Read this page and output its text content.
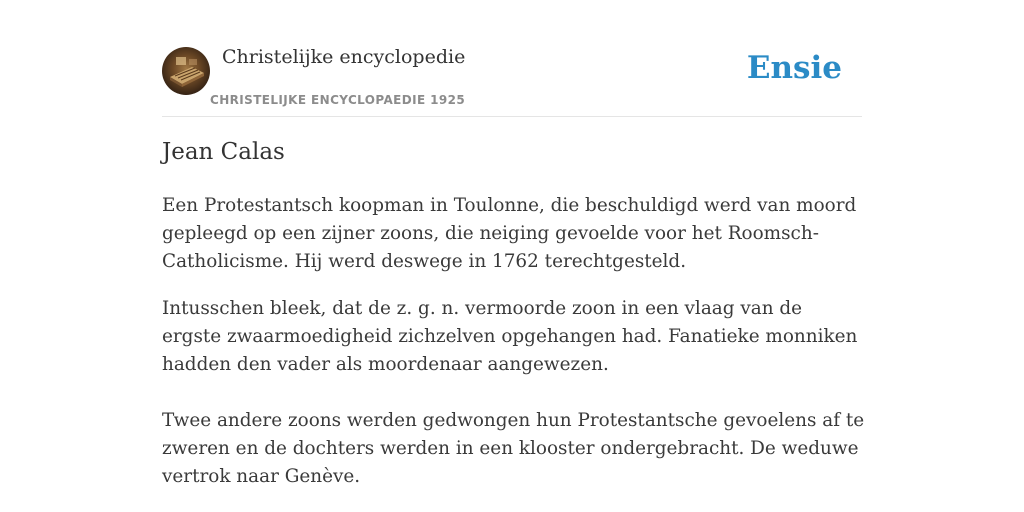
Christelijke encyclopedie
CHRISTELIJKE ENCYCLOPAEDIE 1925
Ensie
Jean Calas

Een Protestantsch koopman in Toulonne, die beschuldigd werd van moord gepleegd op een zijner zoons, die neiging gevoelde voor het Roomsch-Catholicisme. Hij werd deswege in 1762 terechtgesteld.

Intusschen bleek, dat de z. g. n. vermoorde zoon in een vlaag van de ergste zwaarmoedigheid zichzelven opgehangen had. Fanatieke monniken hadden den vader als moordenaar aangewezen.

Twee andere zoons werden gedwongen hun Protestantsche gevoelens af te zweren en de dochters werden in een klooster ondergebracht. De weduwe vertrok naar Genève.
